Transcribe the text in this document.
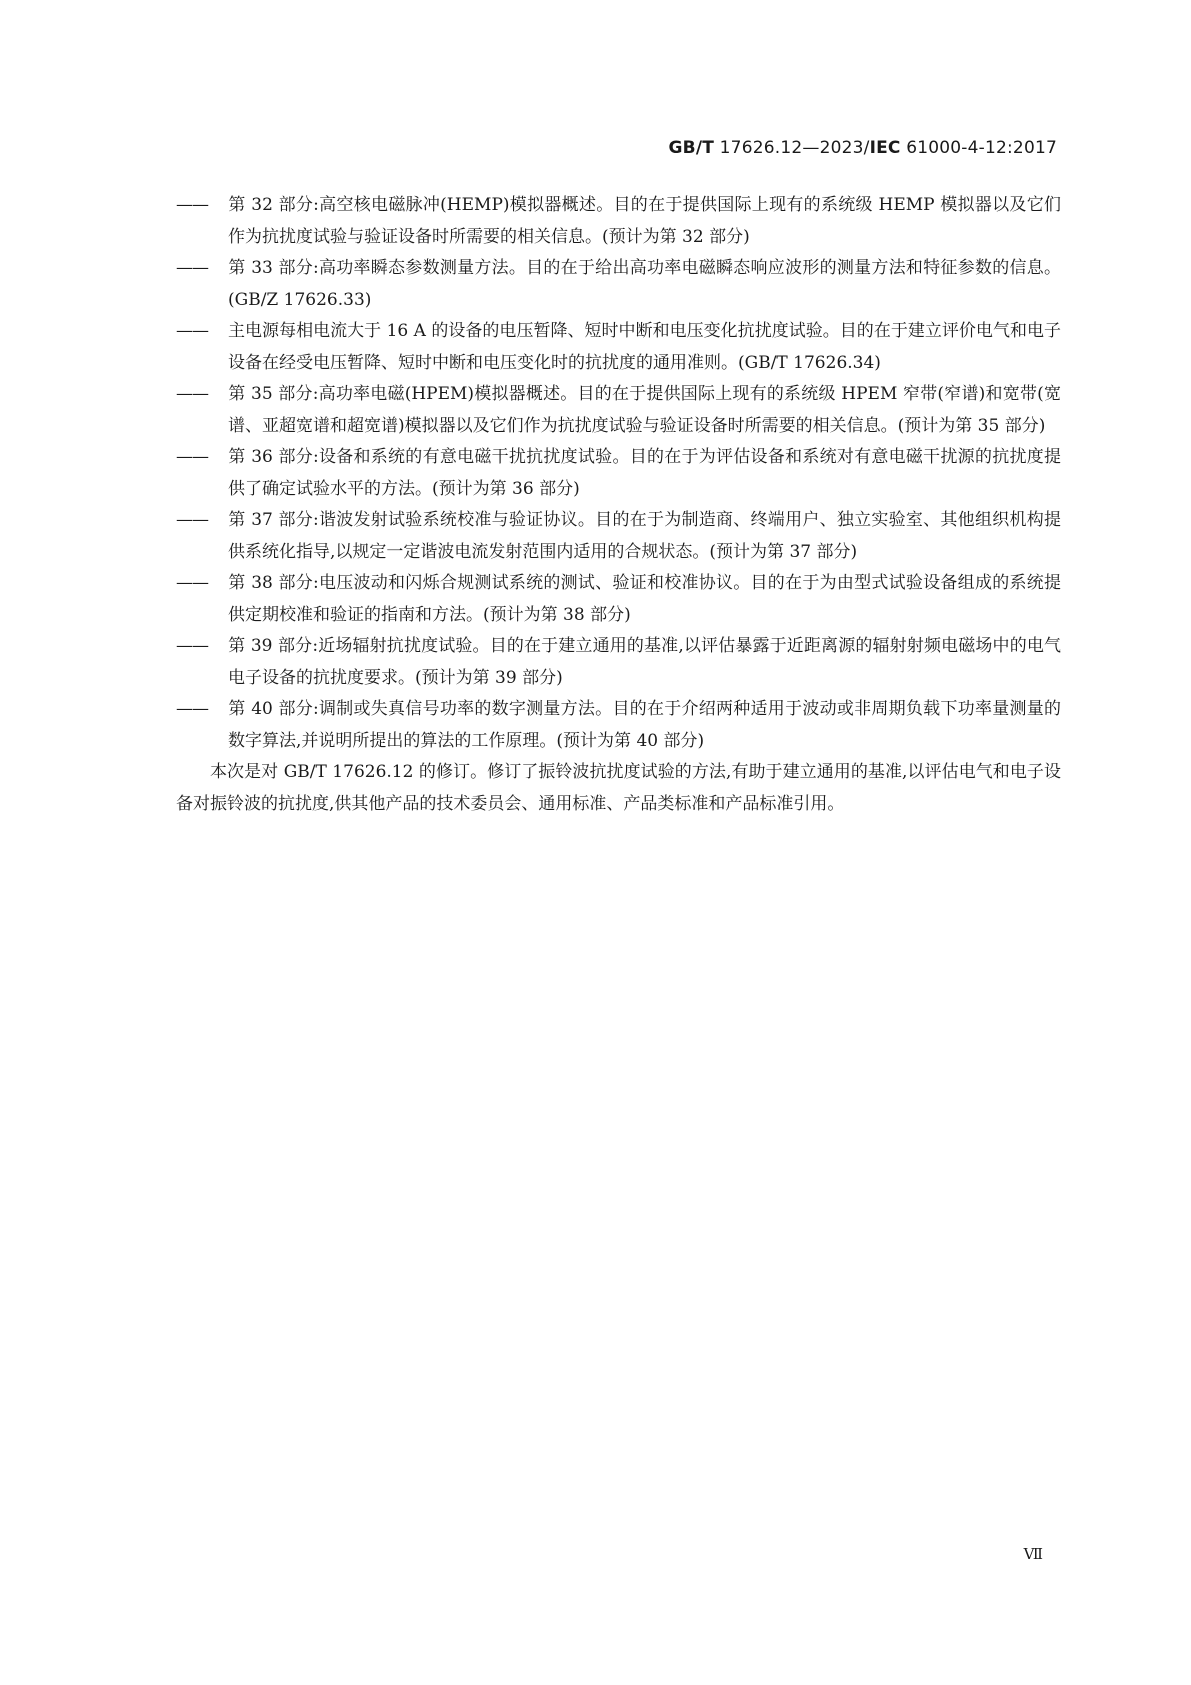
GB/T 17626.12—2023/IEC 61000-4-12:2017
—— 第 32 部分:高空核电磁脉冲(HEMP)模拟器概述。目的在于提供国际上现有的系统级 HEMP 模拟器以及它们作为抗扰度试验与验证设备时所需要的相关信息。(预计为第 32 部分)
—— 第 33 部分:高功率瞬态参数测量方法。目的在于给出高功率电磁瞬态响应波形的测量方法和特征参数的信息。(GB/Z 17626.33)
—— 主电源每相电流大于 16 A 的设备的电压暂降、短时中断和电压变化抗扰度试验。目的在于建立评价电气和电子设备在经受电压暂降、短时中断和电压变化时的抗扰度的通用准则。(GB/T 17626.34)
—— 第 35 部分:高功率电磁(HPEM)模拟器概述。目的在于提供国际上现有的系统级 HPEM 窄带(窄谱)和宽带(宽谱、亚超宽谱和超宽谱)模拟器以及它们作为抗扰度试验与验证设备时所需要的相关信息。(预计为第 35 部分)
—— 第 36 部分:设备和系统的有意电磁干扰抗扰度试验。目的在于为评估设备和系统对有意电磁干扰源的抗扰度提供了确定试验水平的方法。(预计为第 36 部分)
—— 第 37 部分:谐波发射试验系统校准与验证协议。目的在于为制造商、终端用户、独立实验室、其他组织机构提供系统化指导,以规定一定谐波电流发射范围内适用的合规状态。(预计为第 37 部分)
—— 第 38 部分:电压波动和闪烁合规测试系统的测试、验证和校准协议。目的在于为由型式试验设备组成的系统提供定期校准和验证的指南和方法。(预计为第 38 部分)
—— 第 39 部分:近场辐射抗扰度试验。目的在于建立通用的基准,以评估暴露于近距离源的辐射射频电磁场中的电气电子设备的抗扰度要求。(预计为第 39 部分)
—— 第 40 部分:调制或失真信号功率的数字测量方法。目的在于介绍两种适用于波动或非周期负载下功率量测量的数字算法,并说明所提出的算法的工作原理。(预计为第 40 部分)

本次是对 GB/T 17626.12 的修订。修订了振铃波抗扰度试验的方法,有助于建立通用的基准,以评估电气和电子设备对振铃波的抗扰度,供其他产品的技术委员会、通用标准、产品类标准和产品标准引用。

Ⅶ
